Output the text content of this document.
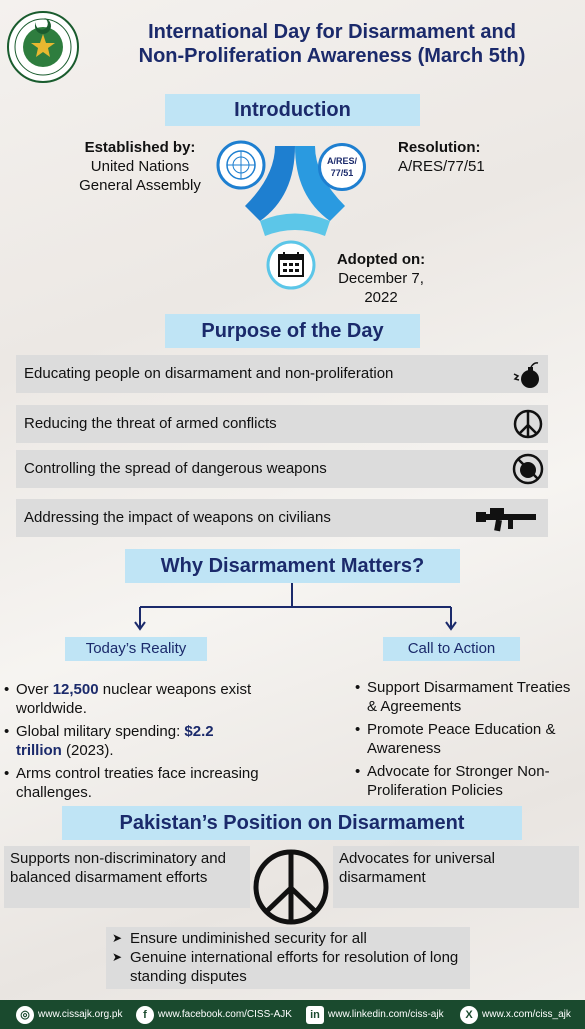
International Day for Disarmament and
Non-Proliferation Awareness (March 5th)
Introduction
Established by:
United Nations
General Assembly
Resolution:
A/RES/77/51
A/RES/
77/51
Adopted on:
December 7,
2022
Purpose of the Day
Educating people on disarmament and non-proliferation
Reducing the threat of armed conflicts
Controlling the spread of dangerous weapons
Addressing the impact of weapons on civilians
Why Disarmament Matters?
Today’s Reality	Call to Action
• Over 12,500 nuclear weapons exist worldwide.
• Global military spending: $2.2 trillion (2023).
• Arms control treaties face increasing challenges.
• Support Disarmament Treaties & Agreements
• Promote Peace Education & Awareness
• Advocate for Stronger Non-Proliferation Policies
Pakistan’s Position on Disarmament
Supports non-discriminatory and balanced disarmament efforts
Advocates for universal disarmament
➤ Ensure undiminished security for all
➤ Genuine international efforts for resolution of long standing disputes
◎ www.cissajk.org.pk	f www.facebook.com/CISS-AJK	in www.linkedin.com/ciss-ajk	X www.x.com/ciss_ajk
